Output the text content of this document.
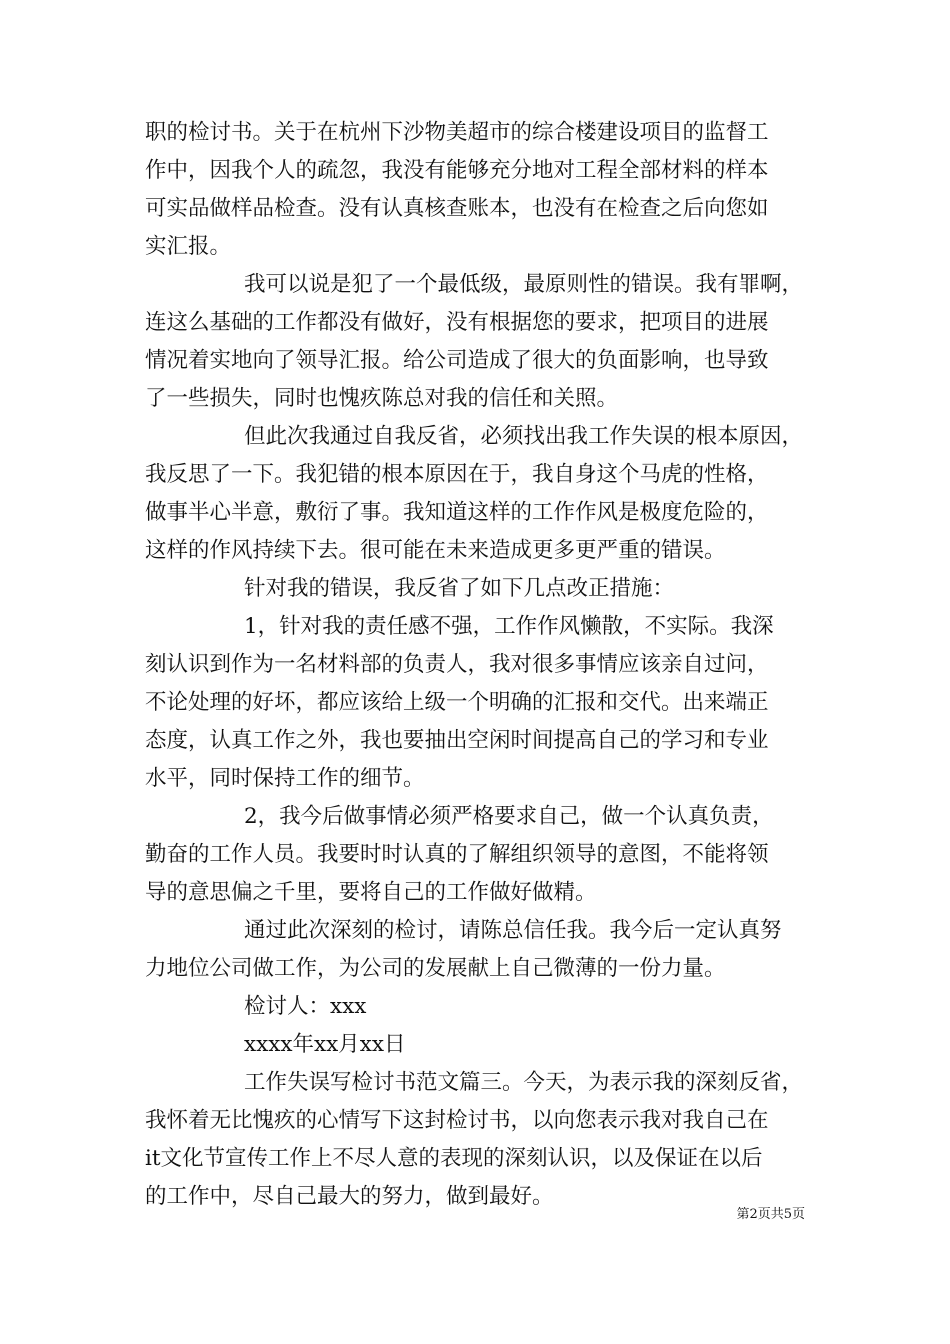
职的检讨书。关于在杭州下沙物美超市的综合楼建设项目的监督工
作中，因我个人的疏忽，我没有能够充分地对工程全部材料的样本
可实品做样品检查。没有认真核查账本，也没有在检查之后向您如
实汇报。
我可以说是犯了一个最低级，最原则性的错误。我有罪啊，
连这么基础的工作都没有做好，没有根据您的要求，把项目的进展
情况着实地向了领导汇报。给公司造成了很大的负面影响，也导致
了一些损失，同时也愧疚陈总对我的信任和关照。
但此次我通过自我反省，必须找出我工作失误的根本原因，
我反思了一下。我犯错的根本原因在于，我自身这个马虎的性格，
做事半心半意，敷衍了事。我知道这样的工作作风是极度危险的，
这样的作风持续下去。很可能在未来造成更多更严重的错误。
针对我的错误，我反省了如下几点改正措施：
1，针对我的责任感不强，工作作风懒散，不实际。我深
刻认识到作为一名材料部的负责人，我对很多事情应该亲自过问，
不论处理的好坏，都应该给上级一个明确的汇报和交代。出来端正
态度，认真工作之外，我也要抽出空闲时间提高自己的学习和专业
水平，同时保持工作的细节。
2，我今后做事情必须严格要求自己，做一个认真负责，
勤奋的工作人员。我要时时认真的了解组织领导的意图，不能将领
导的意思偏之千里，要将自己的工作做好做精。
通过此次深刻的检讨，请陈总信任我。我今后一定认真努
力地位公司做工作，为公司的发展献上自己微薄的一份力量。
检讨人：xxx
xxxx年xx月xx日
工作失误写检讨书范文篇三。今天，为表示我的深刻反省，
我怀着无比愧疚的心情写下这封检讨书，以向您表示我对我自己在
it文化节宣传工作上不尽人意的表现的深刻认识，以及保证在以后
的工作中，尽自己最大的努力，做到最好。
第2页共5页
